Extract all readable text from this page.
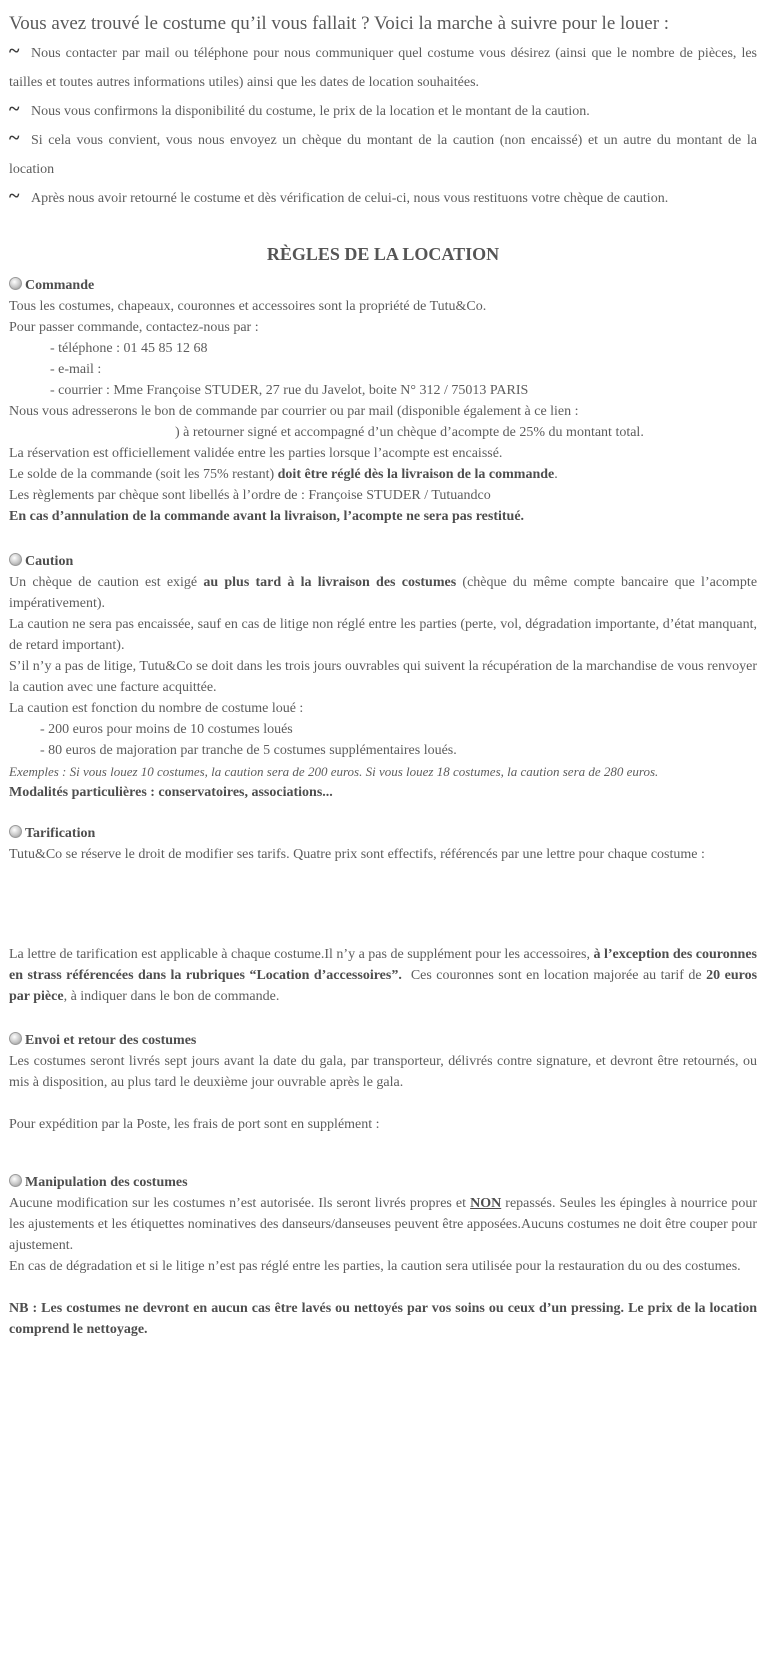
Vous avez trouvé le costume qu’il vous fallait ? Voici la marche à suivre pour le louer :
~ Nous contacter par mail ou téléphone pour nous communiquer quel costume vous désirez (ainsi que le nombre de pièces, les tailles et toutes autres informations utiles) ainsi que les dates de location souhaitées.
~ Nous vous confirmons la disponibilité du costume, le prix de la location et le montant de la caution.
~ Si cela vous convient, vous nous envoyez un chèque du montant de la caution (non encaissé) et un autre du montant de la location
~ Après nous avoir retourné le costume et dès vérification de celui-ci, nous vous restituons votre chèque de caution.
RÈGLES DE LA LOCATION

Commande

Tous les costumes, chapeaux, couronnes et accessoires sont la propriété de Tutu&Co.

Pour passer commande, contactez-nous par :

- téléphone : 01 45 85 12 68

- e-mail :

- courrier : Mme Françoise STUDER, 27 rue du Javelot, boite N° 312 / 75013 PARIS

Nous vous adresserons le bon de commande par courrier ou par mail (disponible également à ce lien :

) à retourner signé et accompagné d’un chèque d’acompte de 25% du montant total.

La réservation est officiellement validée entre les parties lorsque l’acompte est encaissé.

Le solde de la commande (soit les 75% restant) doit être réglé dès la livraison de la commande.

Les règlements par chèque sont libellés à l’ordre de : Françoise STUDER / Tutuandco

En cas d’annulation de la commande avant la livraison, l’acompte ne sera pas restitué.

Caution

Un chèque de caution est exigé au plus tard à la livraison des costumes (chèque du même compte bancaire que l’acompte impérativement).

La caution ne sera pas encaissée, sauf en cas de litige non réglé entre les parties (perte, vol, dégradation importante, d’état manquant, de retard important).

S’il n’y a pas de litige, Tutu&Co se doit dans les trois jours ouvrables qui suivent la récupération de la marchandise de vous renvoyer la caution avec une facture acquittée.

La caution est fonction du nombre de costume loué :

- 200 euros pour moins de 10 costumes loués

- 80 euros de majoration par tranche de 5 costumes supplémentaires loués.

Exemples : Si vous louez 10 costumes, la caution sera de 200 euros. Si vous louez 18 costumes, la caution sera de 280 euros.

Modalités particulières : conservatoires, associations...

Tarification

Tutu&Co se réserve le droit de modifier ses tarifs. Quatre prix sont effectifs, référencés par une lettre pour chaque costume :

La lettre de tarification est applicable à chaque costume.Il n’y a pas de supplément pour les accessoires, à l’exception des couronnes en strass référencées dans la rubriques “Location d’accessoires”. Ces couronnes sont en location majorée au tarif de 20 euros par pièce, à indiquer dans le bon de commande.

Envoi et retour des costumes

Les costumes seront livrés sept jours avant la date du gala, par transporteur, délivrés contre signature, et devront être retournés, ou mis à disposition, au plus tard le deuxième jour ouvrable après le gala.

Pour expédition par la Poste, les frais de port sont en supplément :

Manipulation des costumes

Aucune modification sur les costumes n’est autorisée. Ils seront livrés propres et NON repassés. Seules les épingles à nourrice pour les ajustements et les étiquettes nominatives des danseurs/danseuses peuvent être apposées.Aucuns costumes ne doit être couper pour ajustement.

En cas de dégradation et si le litige n’est pas réglé entre les parties, la caution sera utilisée pour la restauration du ou des costumes.

NB : Les costumes ne devront en aucun cas être lavés ou nettoyés par vos soins ou ceux d’un pressing. Le prix de la location comprend le nettoyage.
